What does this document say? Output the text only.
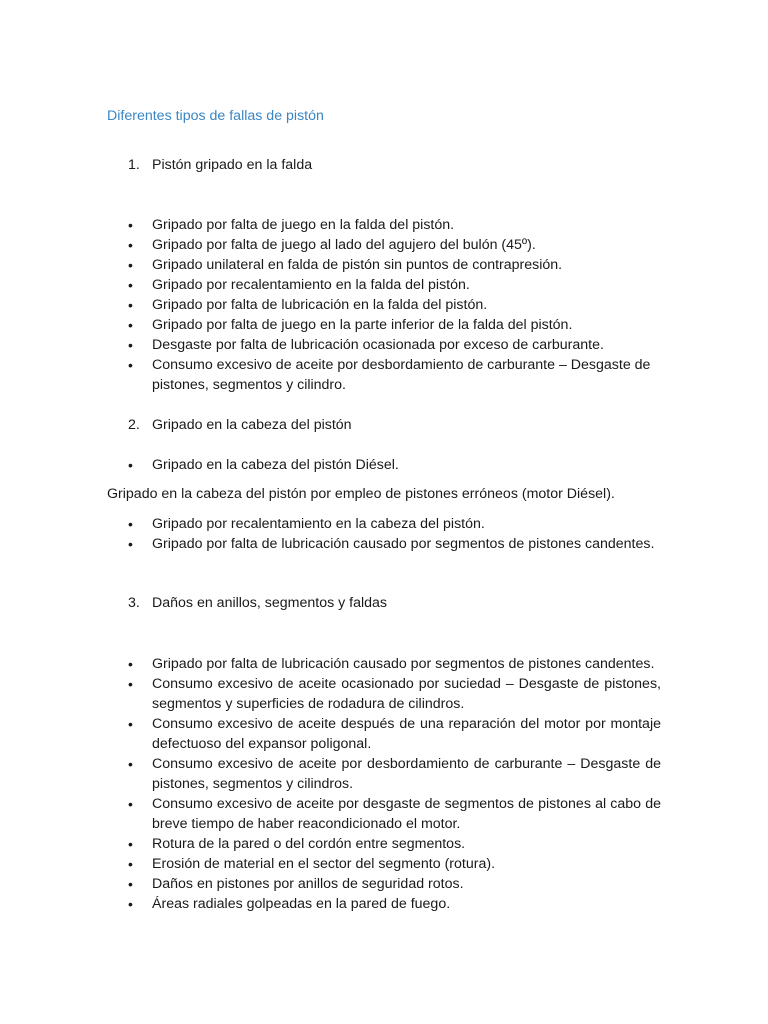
Diferentes tipos de fallas de pistón
1. Pistón gripado en la falda
•	Gripado por falta de juego en la falda del pistón.
•	Gripado por falta de juego al lado del agujero del bulón (45º).
•	Gripado unilateral en falda de pistón sin puntos de contrapresión.
•	Gripado por recalentamiento en la falda del pistón.
•	Gripado por falta de lubricación en la falda del pistón.
•	Gripado por falta de juego en la parte inferior de la falda del pistón.
•	Desgaste por falta de lubricación ocasionada por exceso de carburante.
•	Consumo excesivo de aceite por desbordamiento de carburante – Desgaste de pistones, segmentos y cilindro.
2. Gripado en la cabeza del pistón
•	Gripado en la cabeza del pistón Diésel.
Gripado en la cabeza del pistón por empleo de pistones erróneos (motor Diésel).
•	Gripado por recalentamiento en la cabeza del pistón.
•	Gripado por falta de lubricación causado por segmentos de pistones candentes.
3. Daños en anillos, segmentos y faldas
•	Gripado por falta de lubricación causado por segmentos de pistones candentes.
•	Consumo excesivo de aceite ocasionado por suciedad – Desgaste de pistones, segmentos y superficies de rodadura de cilindros.
•	Consumo excesivo de aceite después de una reparación del motor por montaje defectuoso del expansor poligonal.
•	Consumo excesivo de aceite por desbordamiento de carburante – Desgaste de pistones, segmentos y cilindros.
•	Consumo excesivo de aceite por desgaste de segmentos de pistones al cabo de breve tiempo de haber reacondicionado el motor.
•	Rotura de la pared o del cordón entre segmentos.
•	Erosión de material en el sector del segmento (rotura).
•	Daños en pistones por anillos de seguridad rotos.
•	Áreas radiales golpeadas en la pared de fuego.
